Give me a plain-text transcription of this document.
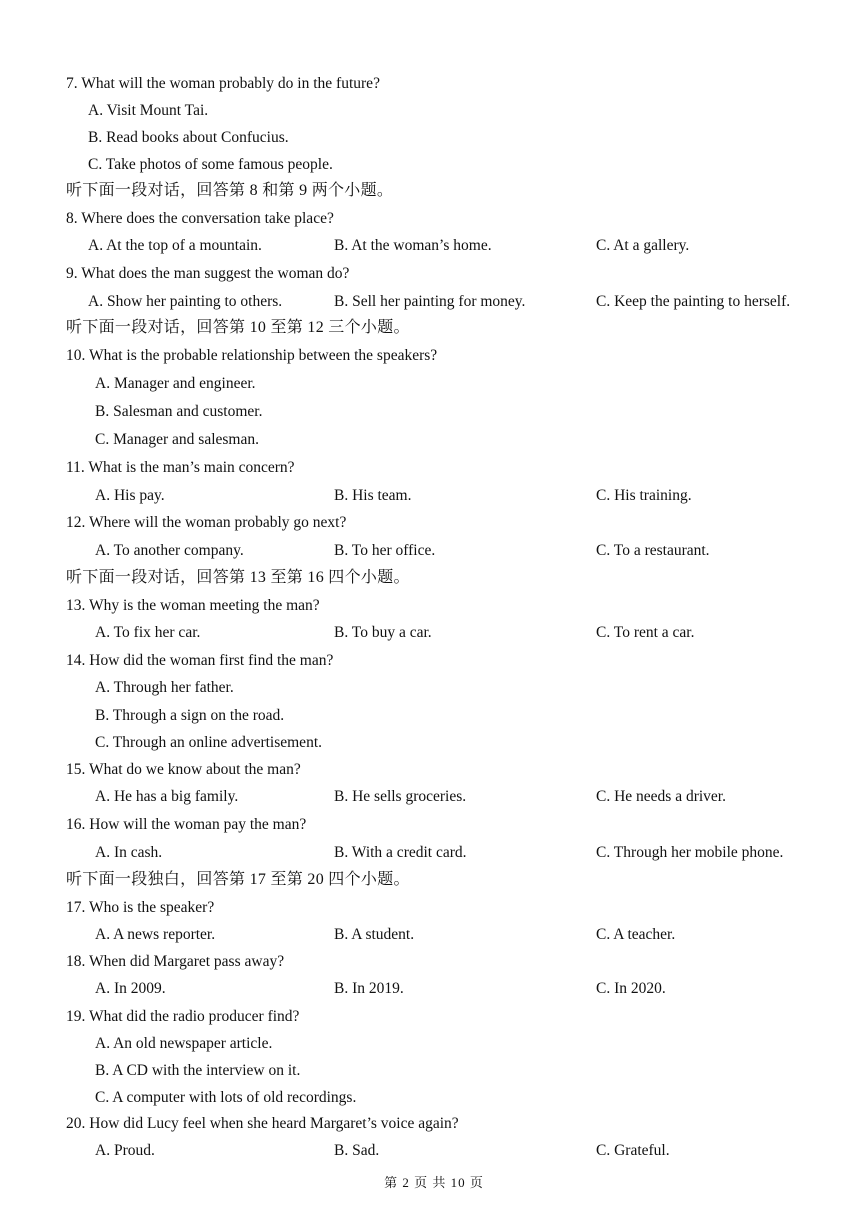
7. What will the woman probably do in the future?
A. Visit Mount Tai.
B. Read books about Confucius.
C. Take photos of some famous people.
听下面一段对话，回答第 8 和第 9 两个小题。
8. Where does the conversation take place?
A. At the top of a mountain.	B. At the woman’s home.	C. At a gallery.
9. What does the man suggest the woman do?
A. Show her painting to others.	B. Sell her painting for money.	C. Keep the painting to herself.
听下面一段对话，回答第 10 至第 12 三个小题。
10. What is the probable relationship between the speakers?
A. Manager and engineer.
B. Salesman and customer.
C. Manager and salesman.
11. What is the man’s main concern?
A. His pay.	B. His team.	C. His training.
12. Where will the woman probably go next?
A. To another company.	B. To her office.	C. To a restaurant.
听下面一段对话，回答第 13 至第 16 四个小题。
13. Why is the woman meeting the man?
A. To fix her car.	B. To buy a car.	C. To rent a car.
14. How did the woman first find the man?
A. Through her father.
B. Through a sign on the road.
C. Through an online advertisement.
15. What do we know about the man?
A. He has a big family.	B. He sells groceries.	C. He needs a driver.
16. How will the woman pay the man?
A. In cash.	B. With a credit card.	C. Through her mobile phone.
听下面一段独白，回答第 17 至第 20 四个小题。
17. Who is the speaker?
A. A news reporter.	B. A student.	C. A teacher.
18. When did Margaret pass away?
A. In 2009.	B. In 2019.	C. In 2020.
19. What did the radio producer find?
A. An old newspaper article.
B. A CD with the interview on it.
C. A computer with lots of old recordings.
20. How did Lucy feel when she heard Margaret’s voice again?
A. Proud.	B. Sad.	C. Grateful.
第 2 页 共 10 页
